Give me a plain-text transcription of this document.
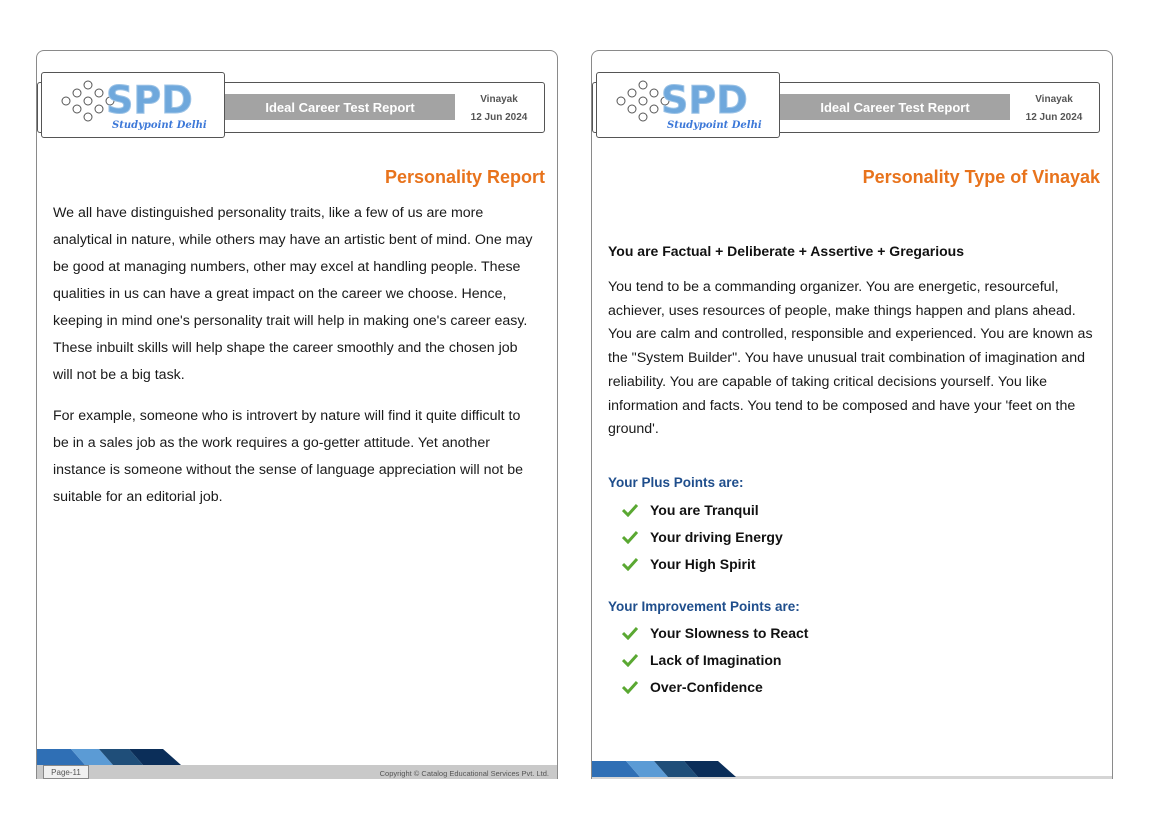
Ideal Career Test Report	Vinayak
12 Jun 2024
SPD
Studypoint Delhi
Personality Report
We all have distinguished personality traits, like a few of us are more analytical in nature, while others may have an artistic bent of mind. One may be good at managing numbers, other may excel at handling people. These qualities in us can have a great impact on the career we choose. Hence, keeping in mind one's personality trait will help in making one's career easy. These inbuilt skills will help shape the career smoothly and the chosen job will not be a big task.
For example, someone who is introvert by nature will find it quite difficult to be in a sales job as the work requires a go-getter attitude. Yet another instance is someone without the sense of language appreciation will not be suitable for an editorial job.
Page-11	Copyright © Catalog Educational Services Pvt. Ltd.
Ideal Career Test Report	Vinayak
12 Jun 2024
SPD
Studypoint Delhi
Personality Type of Vinayak
You are Factual + Deliberate + Assertive + Gregarious
You tend to be a commanding organizer. You are energetic, resourceful, achiever, uses resources of people, make things happen and plans ahead. You are calm and controlled, responsible and experienced. You are known as the "System Builder". You have unusual trait combination of imagination and reliability. You are capable of taking critical decisions yourself. You like information and facts. You tend to be composed and have your 'feet on the ground'.
Your Plus Points are:
You are Tranquil
Your driving Energy
Your High Spirit
Your Improvement Points are:
Your Slowness to React
Lack of Imagination
Over-Confidence
